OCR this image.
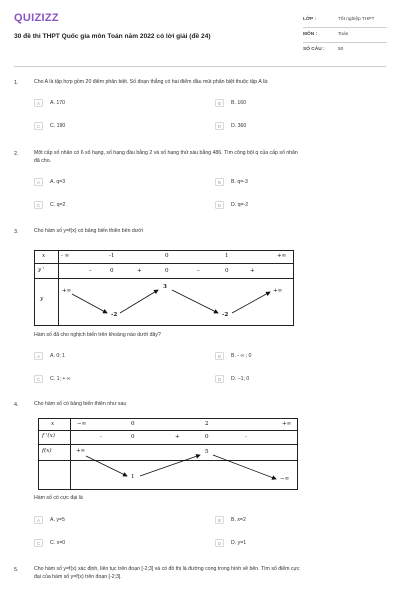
QUIZIZZ
30 đề thi THPT Quốc gia môn Toán năm 2022 có lời giải (đề 24)
LỚP :	Tốt nghiệp THPT
MÔN :	Toán
SỐ CÂU :	50
1.	Cho A là tập hợp gồm 20 điểm phân biệt. Số đoạn thẳng có hai điểm đầu mút phân biệt thuộc tập A là:
A	A. 170	B	B. 160
C	C. 190	D	D. 360
2.	Một cấp số nhân có 6 số hạng, số hạng đầu bằng 2 và số hạng thứ sáu bằng 486. Tìm công bội q của cấp số nhân
đã cho.
A	A. q=3	B	B. q=-3
C	C. q=2	D	D. q=-2
3.	Cho hàm số y=f(x) có bảng biến thiên bên dưới
x	- ∞	-1	0	1	+∞
y '	–	0	+	0	–	0	+
y
+∞
-2
3
-2
+∞
Hàm số đã cho nghịch biến trên khoảng nào dưới đây?
A	A. 0; 1	B	B. - ∞ ; 0
C	C. 1; + ∞	D	D. −1; 0
4.	Cho hàm số có bảng biến thiên như sau
x	−∞	0	2	+∞
f '(x)	-	0	+	0	-
f(x)	+∞
1
5
−∞
Hàm số có cực đại là
A	A. y=5	B	B. x=2
C	C. x=0	D	D. y=1
5.	Cho hàm số y=f(x) xác định, liên tục trên đoạn [-2;3] và có đồ thị là đường cong trong hình vẽ bên. Tìm số điểm cực
đại của hàm số y=f(x) trên đoạn [-2;3].
